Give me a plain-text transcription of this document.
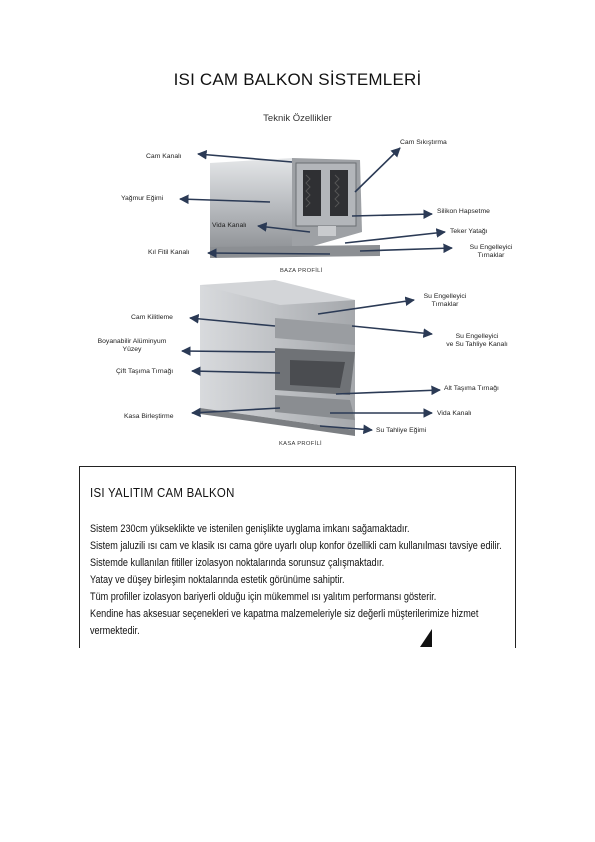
ISI CAM BALKON SİSTEMLERİ
Teknik Özellikler
Cam Kanalı
Yağmur Eğimi
Vida Kanalı
Kıl Fitil Kanalı
Cam Sıkıştırma
Silikon Hapsetme
Teker Yatağı
Su Engelleyici
Tırnaklar
BAZA PROFİLİ
Cam Kilitleme
Boyanabilir Alüminyum
Yüzey
Çift Taşıma Tırnağı
Kasa Birleştirme
Su Engelleyici
Tırnaklar
Su Engelleyici
ve Su Tahliye Kanalı
Alt Taşıma Tırnağı
Vida Kanalı
Su Tahliye Eğimi
KASA PROFİLİ
ISI YALITIM CAM BALKON
Sistem 230cm yükseklikte ve istenilen genişlikte uyglama imkanı sağamaktadır.
Sistem jaluzili ısı cam ve klasik ısı cama göre uyarlı olup konfor özellikli cam kullanılması tavsiye edilir.
Sistemde kullanılan fitiller izolasyon noktalarında sorunsuz çalışmaktadır.
Yatay ve düşey birleşim noktalarında estetik görünüme sahiptir.
Tüm profiller izolasyon bariyerli olduğu için mükemmel ısı yalıtım performansı gösterir.
Kendine has aksesuar seçenekleri ve kapatma malzemeleriyle siz değerli müşterilerimize hizmet
vermektedir.
